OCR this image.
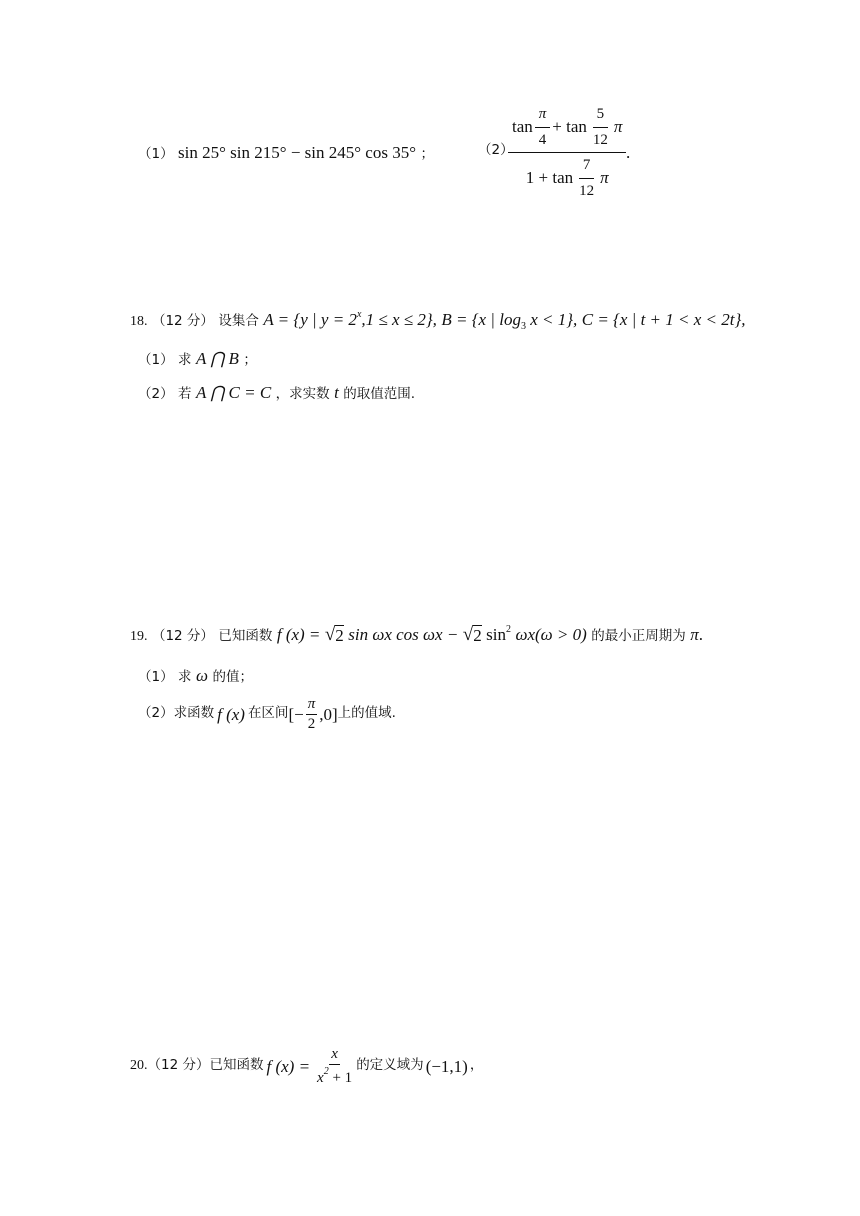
（1） sin 25° sin 215° − sin 245° cos 35° ；	（2）
$\tan \frac{\pi}{4} + \tan \frac{5}{12}$ π
$1 + \tan \frac{7}{12}$ π
.
18. （12 分） 设集合 A = {y | $y = 2^x,1 \le x \le 2$}, B = {x | $\log_3 x < 1$}, C = {x | t + 1 < x < 2t},
（1） 求 A ⋂ B ；
（2） 若 A ⋂ C = C ，求实数 t 的取值范围.
19. （12 分） 已知函数 f (x) = √ 2 sin ωx cos ωx − √ 2 $\sin^2 \omega x(\omega > 0)$ 的最小正周期为 π.
（1） 求 ω 的值；
（2） 求函数 f (x) 在区间 [− $\frac{\pi}{2} ,0$] 上的值域.
20. （12 分） 已知函数 f $(x) = \frac{x}{x^2 + 1}$ 的定义域为 (−1,1) ，
